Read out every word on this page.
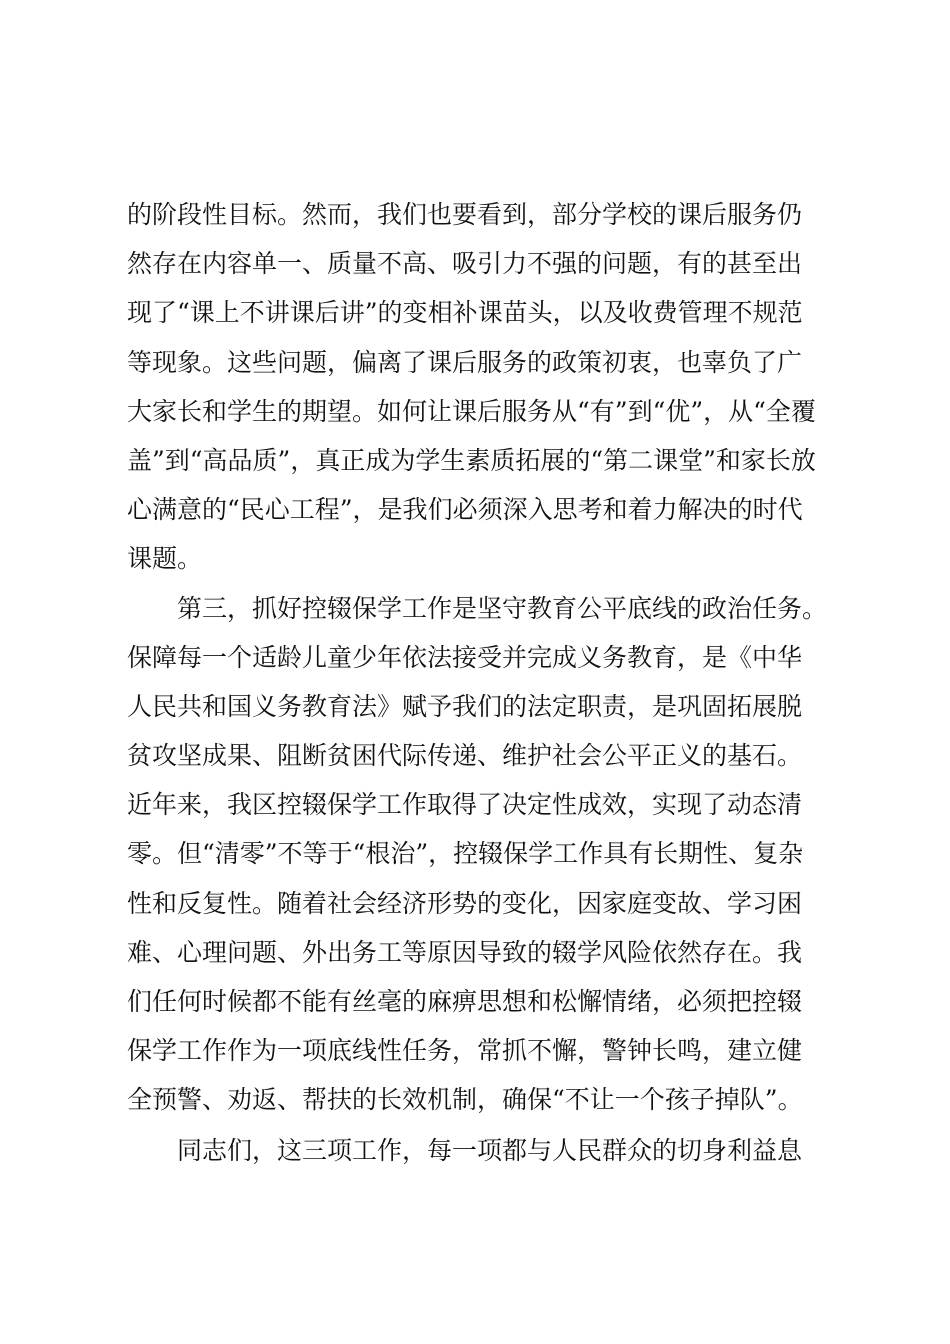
的阶段性目标。然而，我们也要看到，部分学校的课后服务仍
然存在内容单一、质量不高、吸引力不强的问题，有的甚至出
现了“课上不讲课后讲”的变相补课苗头，以及收费管理不规范
等现象。这些问题，偏离了课后服务的政策初衷，也辜负了广
大家长和学生的期望。如何让课后服务从“有”到“优”，从“全覆
盖”到“高品质”，真正成为学生素质拓展的“第二课堂”和家长放
心满意的“民心工程”，是我们必须深入思考和着力解决的时代
课题。
第三，抓好控辍保学工作是坚守教育公平底线的政治任务。
保障每一个适龄儿童少年依法接受并完成义务教育，是《中华
人民共和国义务教育法》赋予我们的法定职责，是巩固拓展脱
贫攻坚成果、阻断贫困代际传递、维护社会公平正义的基石。
近年来，我区控辍保学工作取得了决定性成效，实现了动态清
零。但“清零”不等于“根治”，控辍保学工作具有长期性、复杂
性和反复性。随着社会经济形势的变化，因家庭变故、学习困
难、心理问题、外出务工等原因导致的辍学风险依然存在。我
们任何时候都不能有丝毫的麻痹思想和松懈情绪，必须把控辍
保学工作作为一项底线性任务，常抓不懈，警钟长鸣，建立健
全预警、劝返、帮扶的长效机制，确保“不让一个孩子掉队”。
同志们，这三项工作，每一项都与人民群众的切身利益息
